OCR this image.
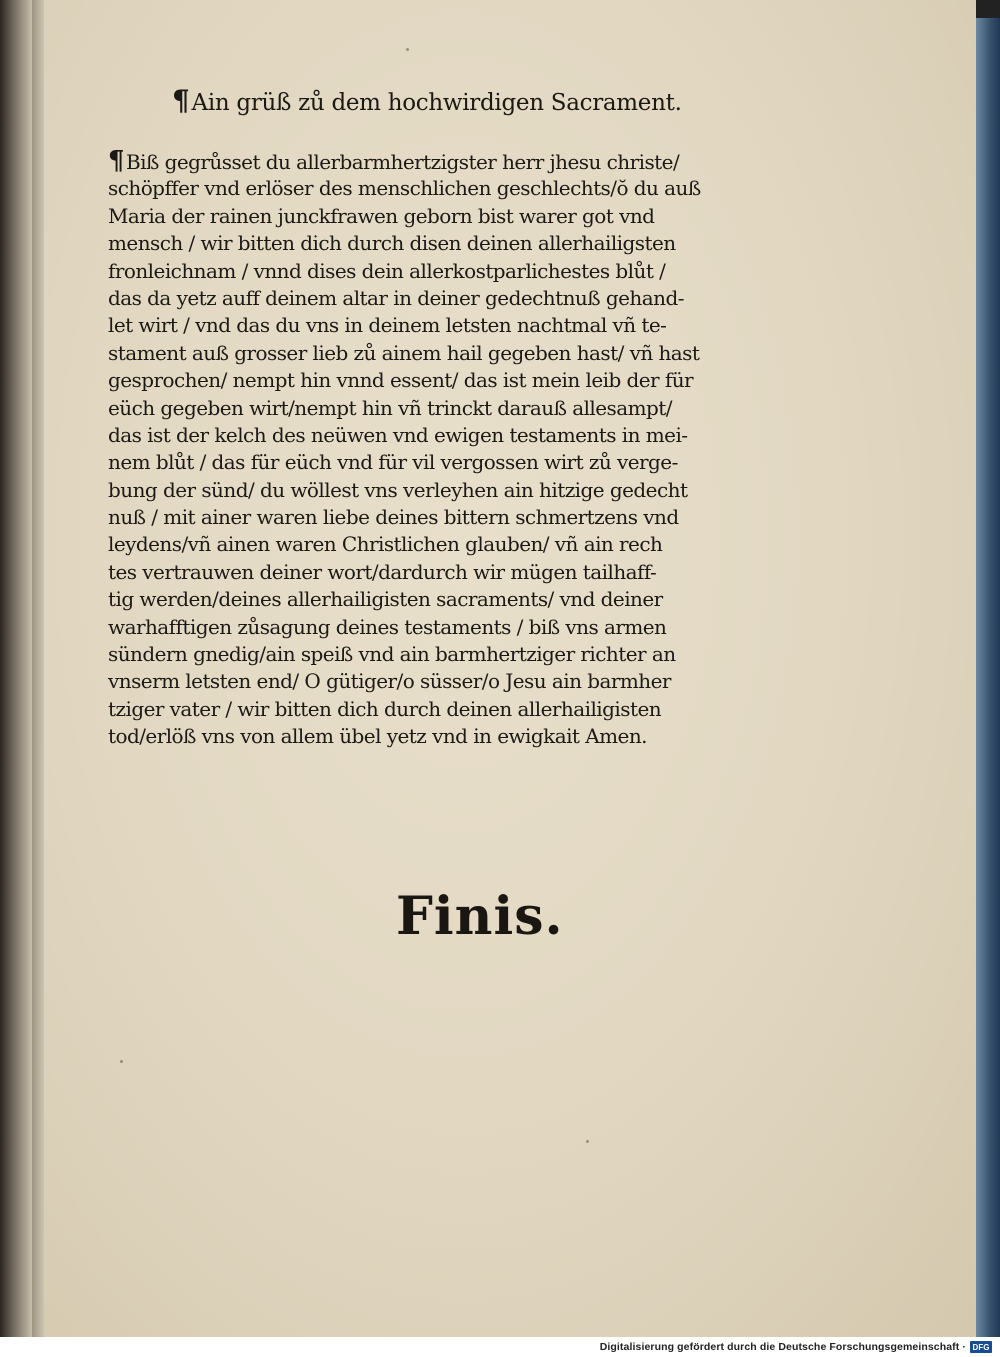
¶Ain grüß zů dem hochwirdigen Sacrament.
¶ Biß gegrůsset du allerbarmhertzigster herr jhesu christe/
schöpffer vnd erlöser des menschlichen geschlechts/ŏ du auß
Maria der rainen junckfrawen geborn bist warer got vnd
mensch / wir bitten dich durch disen deinen allerhailigsten
fronleichnam / vnnd dises dein allerkostparlichestes blůt /
das da yetz auff deinem altar in deiner gedechtnuß gehand-
let wirt / vnd das du vns in deinem letsten nachtmal vñ te-
stament auß grosser lieb zů ainem hail gegeben hast/ vñ hast
gesprochen/ nempt hin vnnd essent/ das ist mein leib der für
eüch gegeben wirt/nempt hin vñ trinckt darauß allesampt/
das ist der kelch des neüwen vnd ewigen testaments in mei-
nem blůt / das für eüch vnd für vil vergossen wirt zů verge-
bung der sünd/ du wöllest vns verleyhen ain hitzige gedecht
nuß / mit ainer waren liebe deines bittern schmertzens vnd
leydens/vñ ainen waren Christlichen glauben/ vñ ain rech
tes vertrauwen deiner wort/dardurch wir mügen tailhaff-
tig werden/deines allerhailigisten sacraments/ vnd deiner
warhafftigen zůsagung deines testaments / biß vns armen
sündern gnedig/ain speiß vnd ain barmhertziger richter an
vnserm letsten end/ O gütiger/o süsser/o Jesu ain barmher
tziger vater / wir bitten dich durch deinen allerhailigisten
tod/erlöß vns von allem übel yetz vnd in ewigkait Amen.
Finis.
Digitalisierung gefördert durch die Deutsche Forschungsgemeinschaft · DFG
